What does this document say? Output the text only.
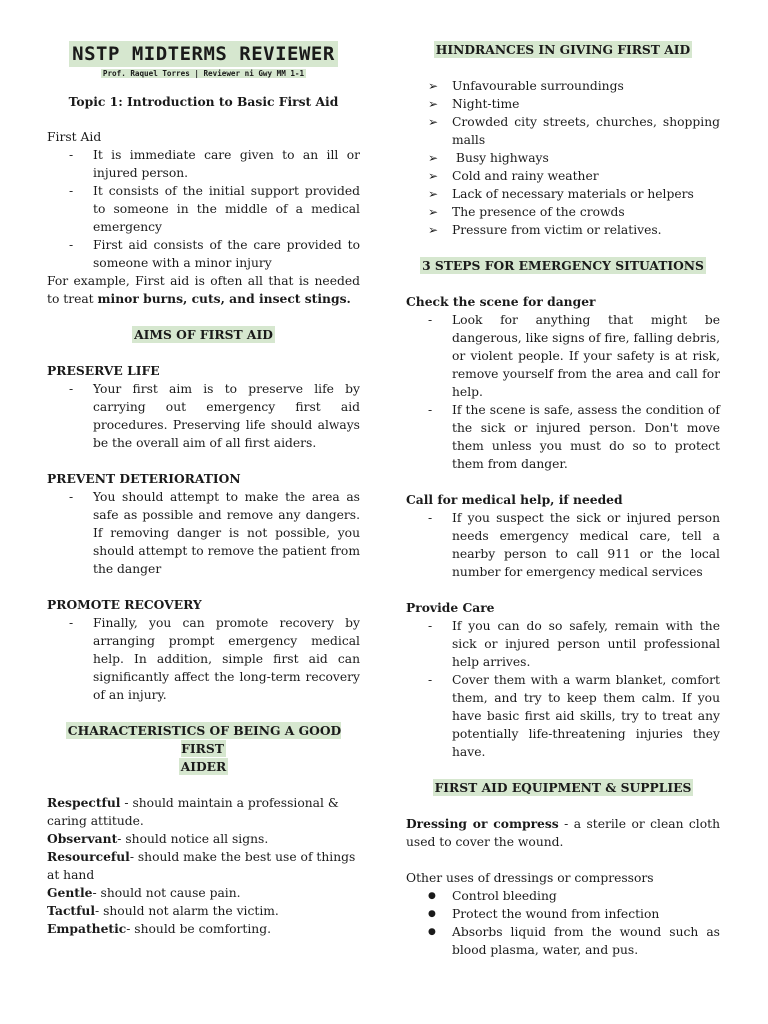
NSTP MIDTERMS REVIEWER
Prof. Raquel Torres | Reviewer ni Gwy MM 1-1
Topic 1: Introduction to Basic First Aid
First Aid
- It is immediate care given to an ill or injured person.
- It consists of the initial support provided to someone in the middle of a medical emergency
- First aid consists of the care provided to someone with a minor injury
For example, First aid is often all that is needed to treat minor burns, cuts, and insect stings.
AIMS OF FIRST AID
PRESERVE LIFE
- Your first aim is to preserve life by carrying out emergency first aid procedures. Preserving life should always be the overall aim of all first aiders.
PREVENT DETERIORATION
- You should attempt to make the area as safe as possible and remove any dangers. If removing danger is not possible, you should attempt to remove the patient from the danger
PROMOTE RECOVERY
- Finally, you can promote recovery by arranging prompt emergency medical help. In addition, simple first aid can significantly affect the long-term recovery of an injury.
CHARACTERISTICS OF BEING A GOOD FIRST
AIDER
Respectful - should maintain a professional & caring attitude.
Observant- should notice all signs.
Resourceful- should make the best use of things at hand
Gentle- should not cause pain.
Tactful- should not alarm the victim.
Empathetic- should be comforting.
HINDRANCES IN GIVING FIRST AID
➢ Unfavourable surroundings
➢ Night-time
➢ Crowded city streets, churches, shopping malls
➢ Busy highways
➢ Cold and rainy weather
➢ Lack of necessary materials or helpers
➢ The presence of the crowds
➢ Pressure from victim or relatives.
3 STEPS FOR EMERGENCY SITUATIONS
Check the scene for danger
- Look for anything that might be dangerous, like signs of fire, falling debris, or violent people. If your safety is at risk, remove yourself from the area and call for help.
- If the scene is safe, assess the condition of the sick or injured person. Don't move them unless you must do so to protect them from danger.
Call for medical help, if needed
- If you suspect the sick or injured person needs emergency medical care, tell a nearby person to call 911 or the local number for emergency medical services
Provide Care
- If you can do so safely, remain with the sick or injured person until professional help arrives.
- Cover them with a warm blanket, comfort them, and try to keep them calm. If you have basic first aid skills, try to treat any potentially life-threatening injuries they have.
FIRST AID EQUIPMENT & SUPPLIES
Dressing or compress - a sterile or clean cloth used to cover the wound.
Other uses of dressings or compressors
● Control bleeding
● Protect the wound from infection
● Absorbs liquid from the wound such as blood plasma, water, and pus.
